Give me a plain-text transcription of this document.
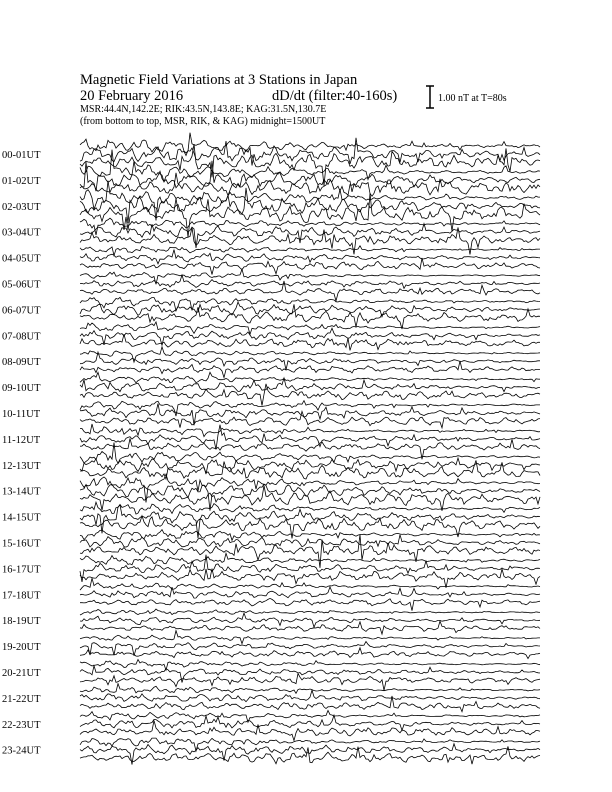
Magnetic Field Variations at 3 Stations in Japan
20 February 2016	dD/dt (filter:40-160s)
MSR:44.4N,142.2E; RIK:43.5N,143.8E; KAG:31.5N,130.7E
(from bottom to top, MSR, RIK, & KAG) midnight=1500UT
1.00 nT at T=80s
00-01UT
01-02UT
02-03UT
03-04UT
04-05UT
05-06UT
06-07UT
07-08UT
08-09UT
09-10UT
10-11UT
11-12UT
12-13UT
13-14UT
14-15UT
15-16UT
16-17UT
17-18UT
18-19UT
19-20UT
20-21UT
21-22UT
22-23UT
23-24UT
